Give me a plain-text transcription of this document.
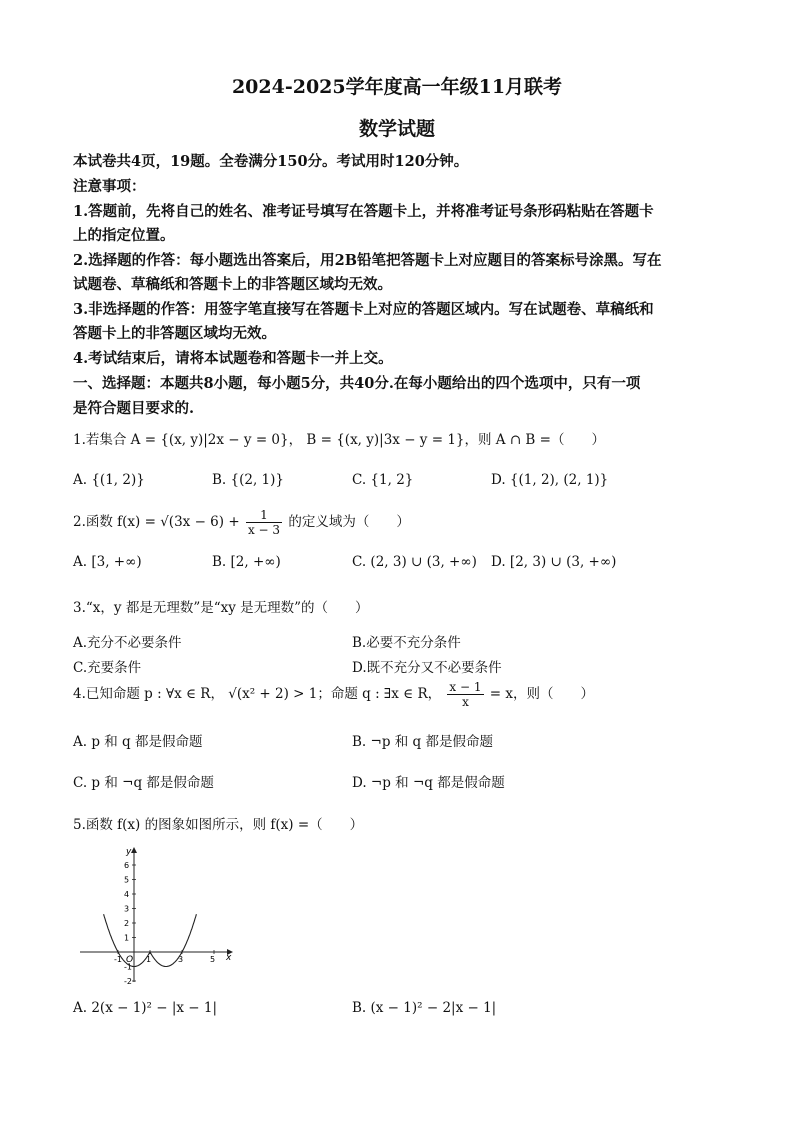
2024-2025学年度高一年级11月联考
数学试题
本试卷共4页，19题。全卷满分150分。考试用时120分钟。
注意事项：
1.答题前，先将自己的姓名、准考证号填写在答题卡上，并将准考证号条形码粘贴在答题卡
上的指定位置。
2.选择题的作答：每小题选出答案后，用2B铅笔把答题卡上对应题目的答案标号涂黑。写在
试题卷、草稿纸和答题卡上的非答题区域均无效。
3.非选择题的作答：用签字笔直接写在答题卡上对应的答题区域内。写在试题卷、草稿纸和
答题卡上的非答题区域均无效。
4.考试结束后，请将本试题卷和答题卡一并上交。
一、选择题：本题共8小题，每小题5分，共40分.在每小题给出的四个选项中，只有一项
是符合题目要求的.
1.若集合 A = {(x, y)|2x − y = 0}， B = {(x, y)|3x − y = 1}，则 A ∩ B =（　　）
A. {(1, 2)}	B. {(2, 1)}	C. {1, 2}	D. {(1, 2), (2, 1)}
2.函数 $f(x) = √(3x - 6) + \frac{1}{x - 3}$ 的定义域为（　　）
A. [3, +∞)	B. [2, +∞)	C. (2, 3) ∪ (3, +∞) D. [2, 3) ∪ (3, +∞)
3.“x，y 都是无理数”是“xy 是无理数”的（　　）
A.充分不必要条件	B.必要不充分条件
C.充要条件	D.既不充分又不必要条件
4.已知命题 p : ∀x ∈ R， √(x² + 2) > 1；命题 q : ∃x ∈ R， $\frac{x - 1}{x} = x$，则（　　）
A. p 和 q 都是假命题	B. ¬p 和 q 都是假命题
C. p 和 ¬q 都是假命题	D. ¬p 和 ¬q 都是假命题
5.函数 f(x) 的图象如图所示，则 f(x) =（　　）
6
5
4
3
2
1
-1
-2
-1	1	3	5
y
x
O
A. 2(x − 1)² − |x − 1|	B. (x − 1)² − 2|x − 1|
